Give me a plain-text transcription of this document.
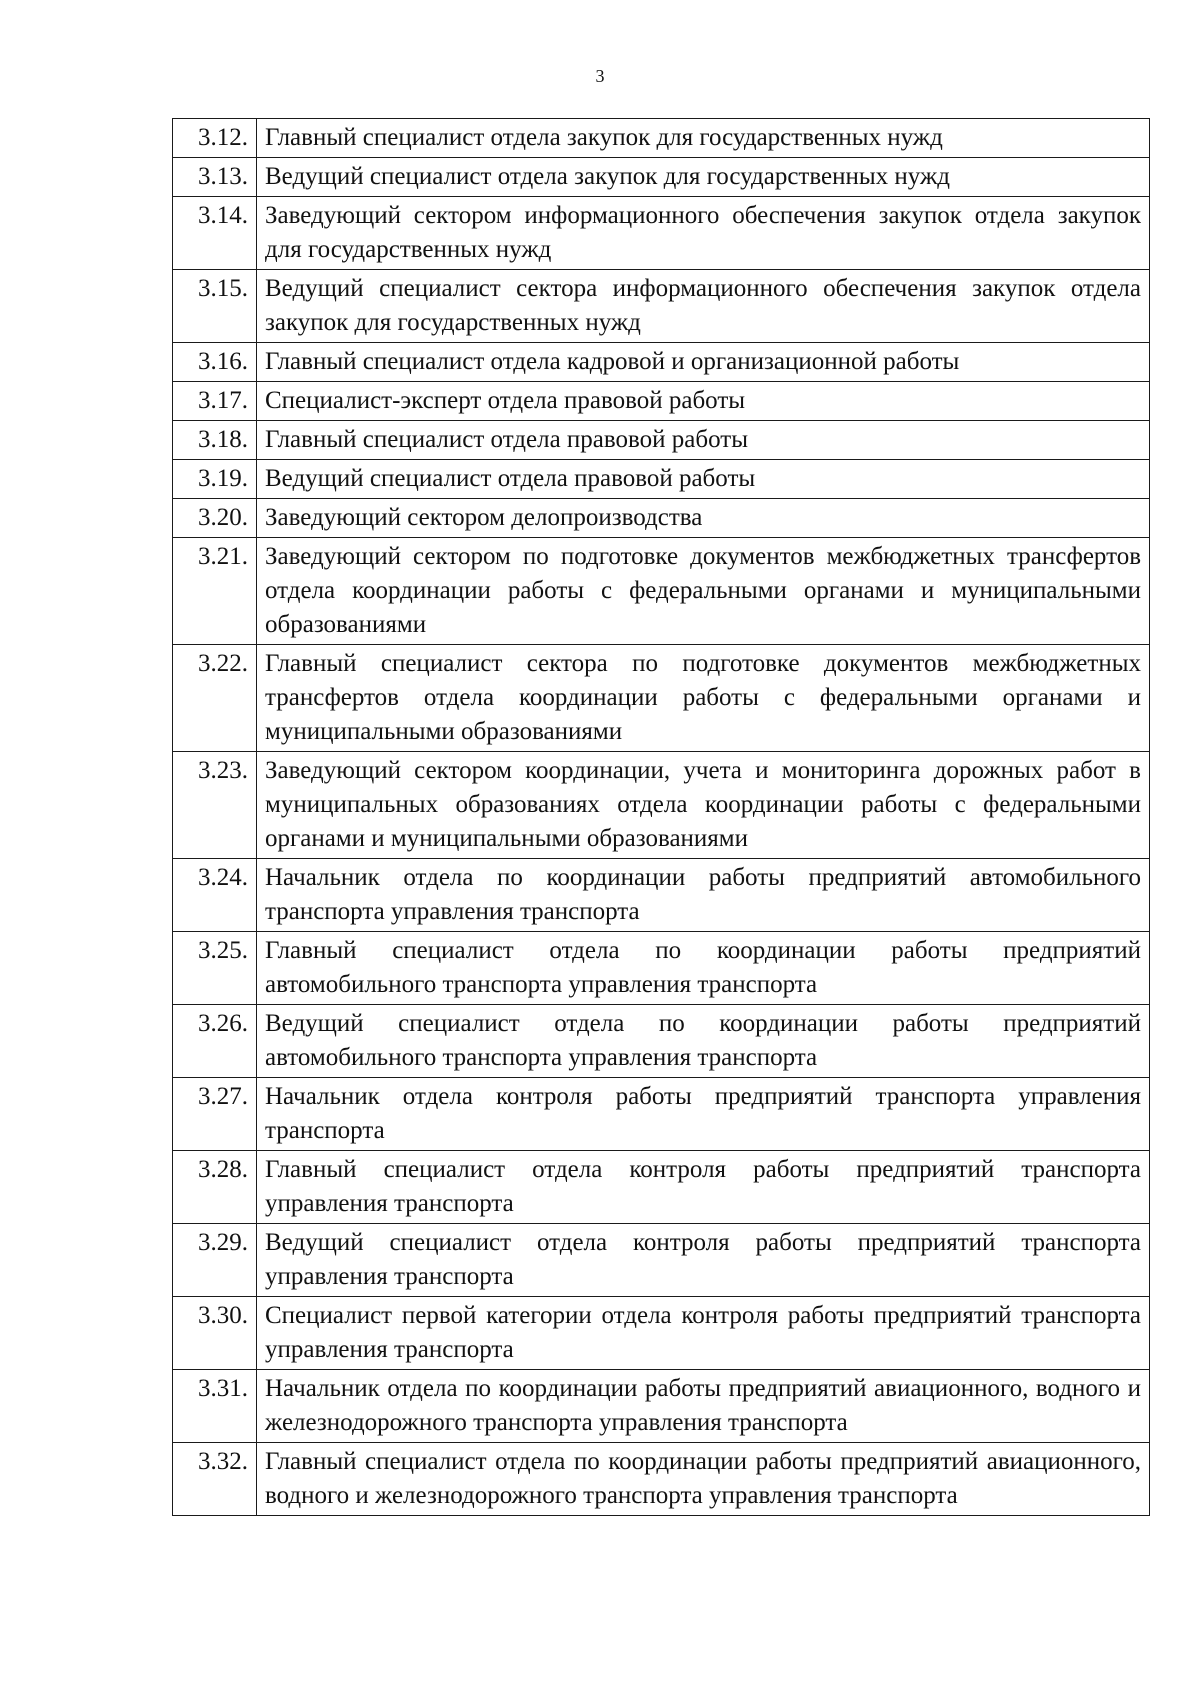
3
3.12.	Главный специалист отдела закупок для государственных нужд
3.13.	Ведущий специалист отдела закупок для государственных нужд
3.14.	Заведующий сектором информационного обеспечения закупок отдела закупок для государственных нужд
3.15.	Ведущий специалист сектора информационного обеспечения закупок отдела закупок для государственных нужд
3.16.	Главный специалист отдела кадровой и организационной работы
3.17.	Специалист-эксперт отдела правовой работы
3.18.	Главный специалист отдела правовой работы
3.19.	Ведущий специалист отдела правовой работы
3.20.	Заведующий сектором делопроизводства
3.21.	Заведующий сектором по подготовке документов межбюджетных трансфертов отдела координации работы с федеральными органами и муниципальными образованиями
3.22.	Главный специалист сектора по подготовке документов межбюджетных трансфертов отдела координации работы с федеральными органами и муниципальными образованиями
3.23.	Заведующий сектором координации, учета и мониторинга дорожных работ в муниципальных образованиях отдела координации работы с федеральными органами и муниципальными образованиями
3.24.	Начальник отдела по координации работы предприятий автомобильного транспорта управления транспорта
3.25.	Главный специалист отдела по координации работы предприятий автомобильного транспорта управления транспорта
3.26.	Ведущий специалист отдела по координации работы предприятий автомобильного транспорта управления транспорта
3.27.	Начальник отдела контроля работы предприятий транспорта управления транспорта
3.28.	Главный специалист отдела контроля работы предприятий транспорта управления транспорта
3.29.	Ведущий специалист отдела контроля работы предприятий транспорта управления транспорта
3.30.	Специалист первой категории отдела контроля работы предприятий транспорта управления транспорта
3.31.	Начальник отдела по координации работы предприятий авиационного, водного и железнодорожного транспорта управления транспорта
3.32.	Главный специалист отдела по координации работы предприятий авиационного, водного и железнодорожного транспорта управления транспорта
